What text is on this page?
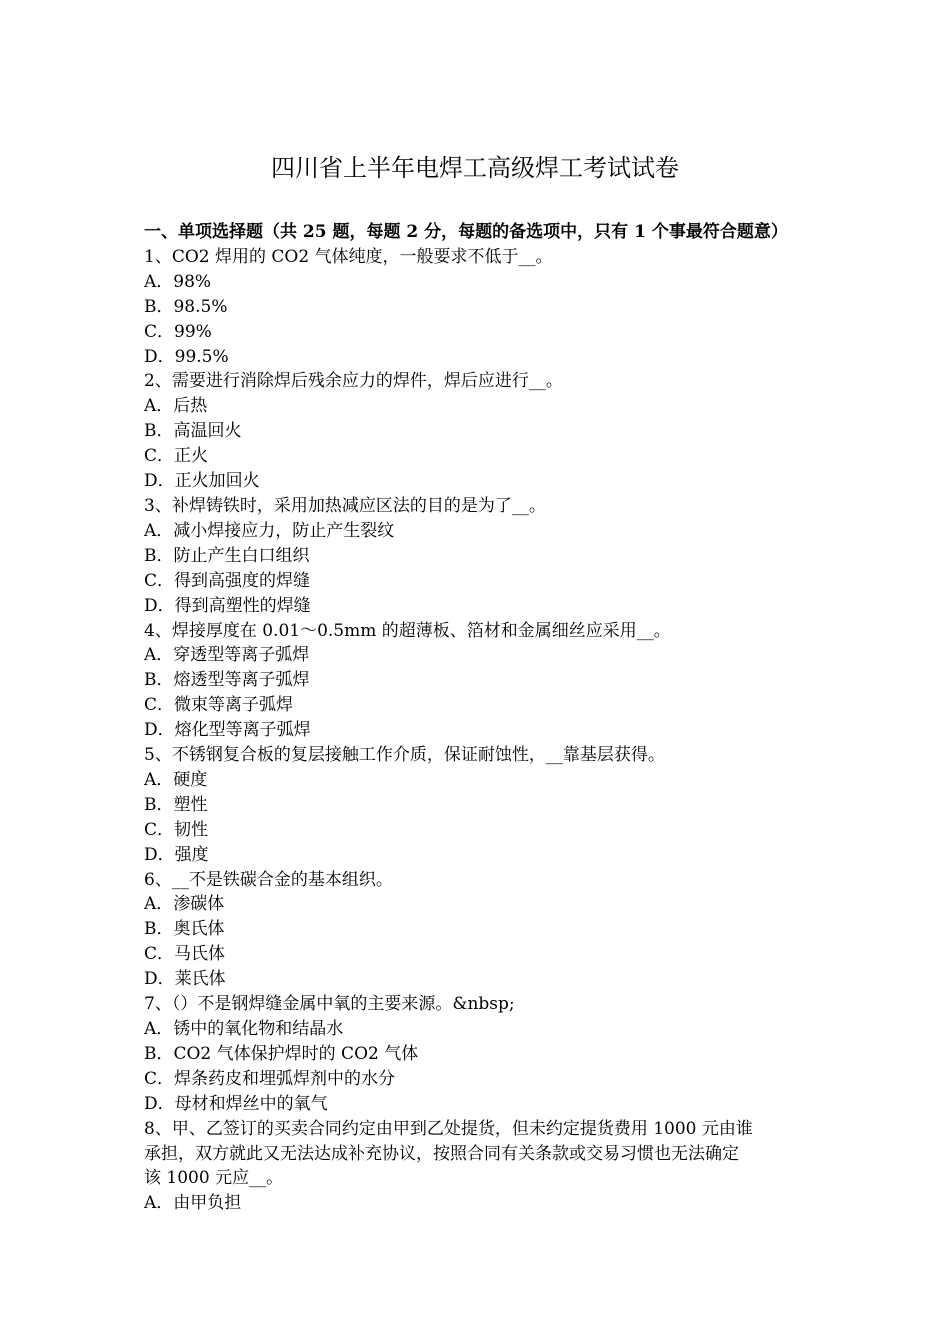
四川省上半年电焊工高级焊工考试试卷
一、单项选择题（共 25 题，每题 2 分，每题的备选项中，只有 1 个事最符合题意）
1、CO2 焊用的 CO2 气体纯度，一般要求不低于__。
A．98%
B．98.5%
C．99%
D．99.5%
2、需要进行消除焊后残余应力的焊件，焊后应进行__。
A．后热
B．高温回火
C．正火
D．正火加回火
3、补焊铸铁时，采用加热减应区法的目的是为了__。
A．减小焊接应力，防止产生裂纹
B．防止产生白口组织
C．得到高强度的焊缝
D．得到高塑性的焊缝
4、焊接厚度在 0.01～0.5mm 的超薄板、箔材和金属细丝应采用__。
A．穿透型等离子弧焊
B．熔透型等离子弧焊
C．微束等离子弧焊
D．熔化型等离子弧焊
5、不锈钢复合板的复层接触工作介质，保证耐蚀性，__靠基层获得。
A．硬度
B．塑性
C．韧性
D．强度
6、__不是铁碳合金的基本组织。
A．渗碳体
B．奥氏体
C．马氏体
D．莱氏体
7、（）不是钢焊缝金属中氧的主要来源。&nbsp;
A．锈中的氧化物和结晶水
B．CO2 气体保护焊时的 CO2 气体
C．焊条药皮和埋弧焊剂中的水分
D．母材和焊丝中的氧气
8、甲、乙签订的买卖合同约定由甲到乙处提货，但未约定提货费用 1000 元由谁
承担，双方就此又无法达成补充协议，按照合同有关条款或交易习惯也无法确定
该 1000 元应__。
A．由甲负担
